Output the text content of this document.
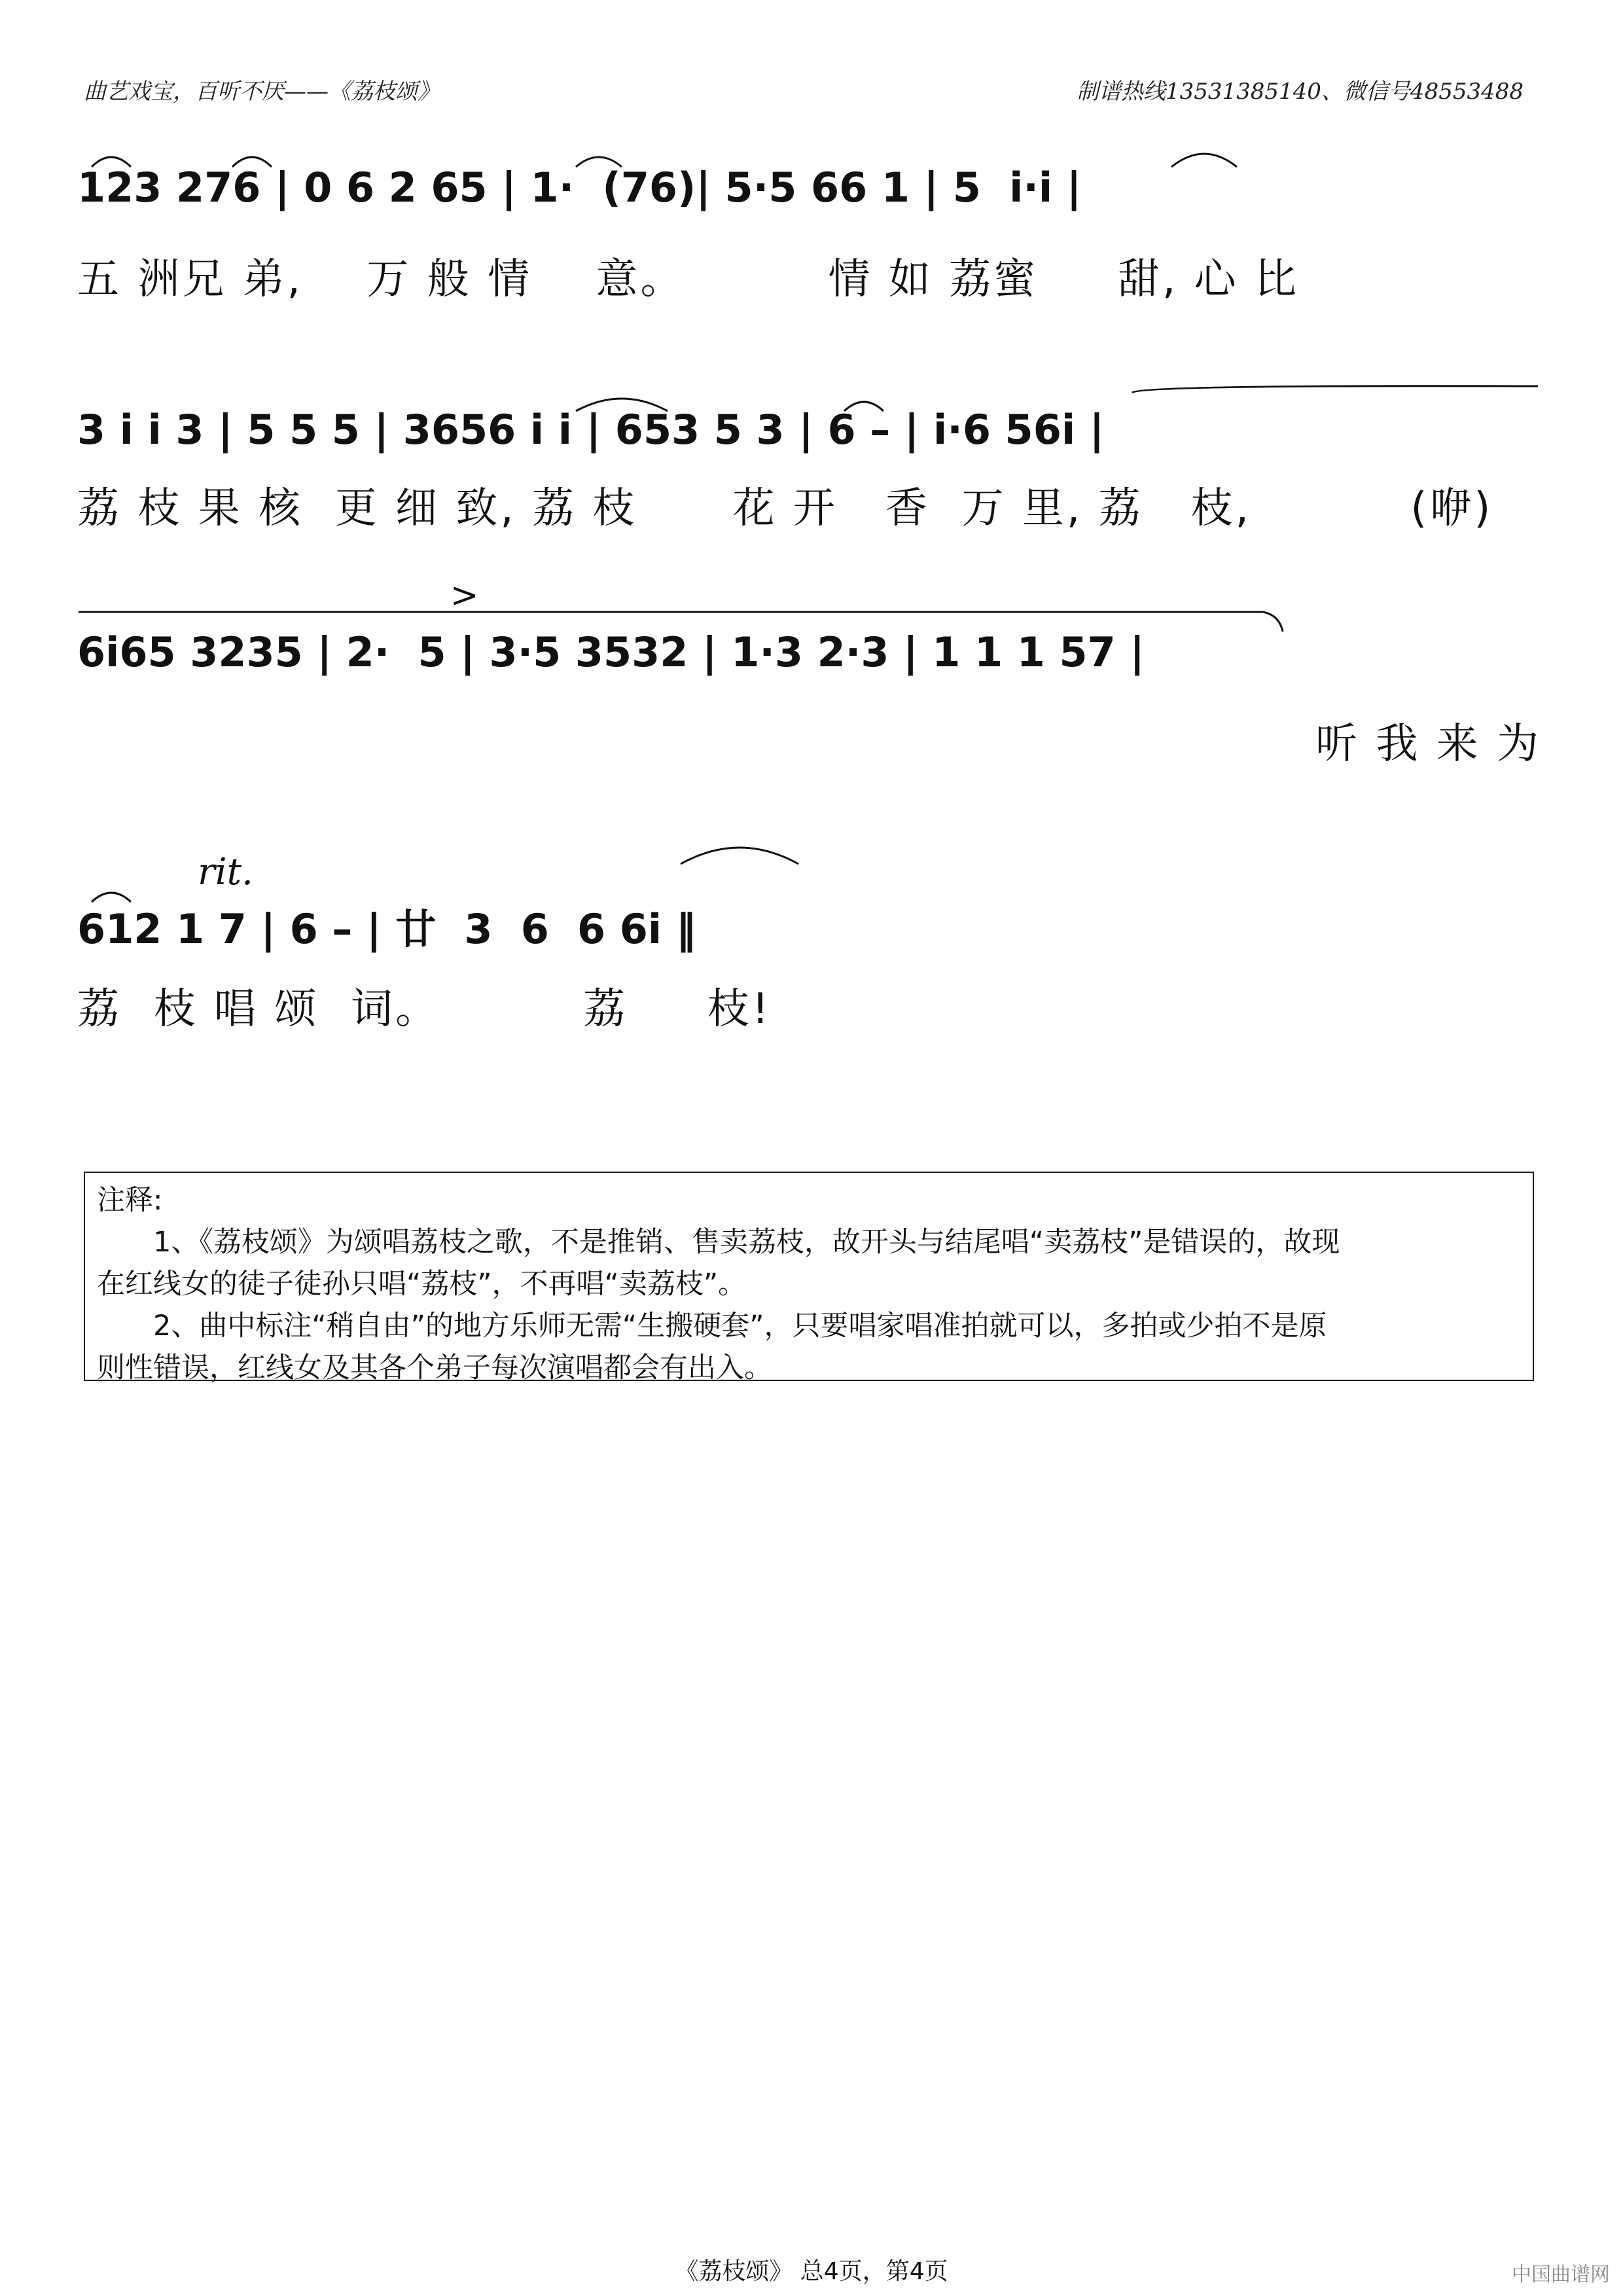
曲艺戏宝，百听不厌——《荔枝颂》	制谱热线13531385140、微信号48553488
123 276 | 0 6 2 65 | 1·  (76)| 5·5 66 1 | 5  i·i |
五 洲兄 弟,    万 般 情    意。         情 如 荔蜜     甜, 心 比
3 i i 3 | 5 5 5 | 3656 i i | 653 5 3 | 6 – | i·6 56i |
荔 枝 果 核  更 细 致, 荔 枝      花 开   香  万 里, 荔   枝,          (咿)
>
6i65 3235 | 2·  5 | 3·5 3532 | 1·3 2·3 | 1 1 1 57 |
听 我 来 为
rit.
612 1 7 | 6 – | 廿  3  6  6 6i ‖
荔  枝 唱 颂  词。         荔     枝!

注释:

1、《荔枝颂》为颂唱荔枝之歌，不是推销、售卖荔枝，故开头与结尾唱“卖荔枝”是错误的，故现

在红线女的徒子徒孙只唱“荔枝”，不再唱“卖荔枝”。

2、曲中标注“稍自由”的地方乐师无需“生搬硬套”，只要唱家唱准拍就可以，多拍或少拍不是原

则性错误，红线女及其各个弟子每次演唱都会有出入。

《荔枝颂》 总4页，第4页	中国曲谱网
